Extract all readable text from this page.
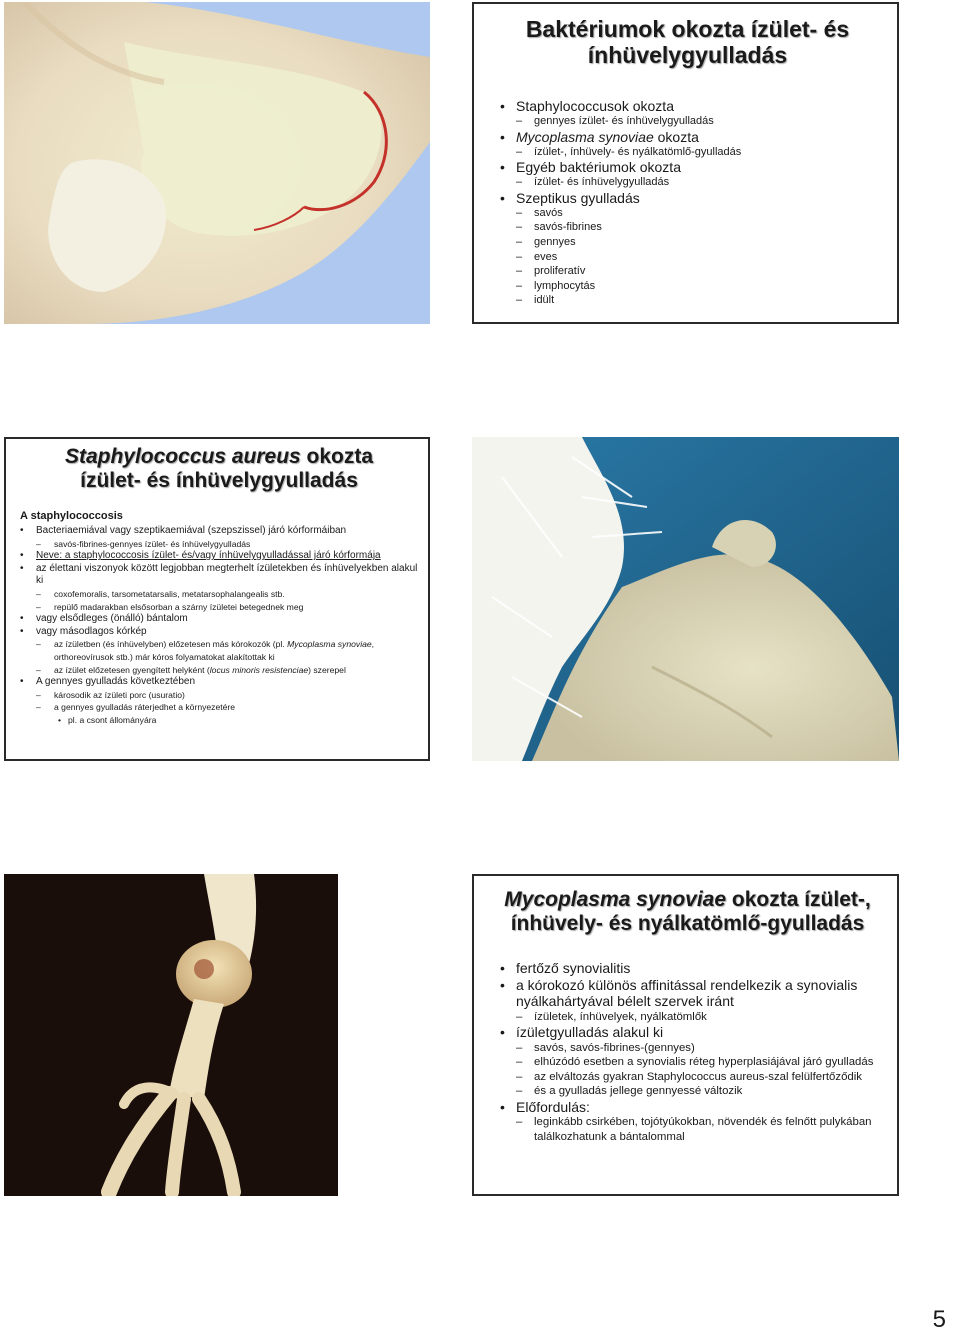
Baktériumok okozta ízület- és ínhüvelygyulladás
• Staphylococcusok okozta
– gennyes ízület- és ínhüvelygyulladás
• Mycoplasma synoviae okozta
– ízület-, ínhüvely- és nyálkatömlő-gyulladás
• Egyéb baktériumok okozta
– ízület- és ínhüvelygyulladás
• Szeptikus gyulladás
– savós
– savós-fibrines
– gennyes
– eves
– proliferatív
– lymphocytás
– idült
Staphylococcus aureus okozta
ízület- és ínhüvelygyulladás
A staphylococcosis
• Bacteriaemiával vagy szeptikaemiával (szepszissel) járó kórformáiban
– savós-fibrines-gennyes ízület- és ínhüvelygyulladás
• Neve: a staphylococcosis ízület- és/vagy ínhüvelygyulladással járó kórformája
• az élettani viszonyok között legjobban megterhelt ízületekben és ínhüvelyekben alakul ki
– coxofemoralis, tarsometatarsalis, metatarsophalangealis stb.
– repülő madarakban elsősorban a szárny ízületei betegednek meg
• vagy elsődleges (önálló) bántalom
• vagy másodlagos kórkép
– az ízületben (és ínhüvelyben) előzetesen más kórokozók (pl. Mycoplasma synoviae, orthoreovírusok stb.) már kóros folyamatokat alakítottak ki
– az ízület előzetesen gyengített helyként (locus minoris resistenciae) szerepel
• A gennyes gyulladás következtében
– károsodik az ízületi porc (usuratio)
– a gennyes gyulladás ráterjedhet a környezetére
• pl. a csont állományára
Mycoplasma synoviae okozta ízület-,
ínhüvely- és nyálkatömlő-gyulladás
• fertőző synovialitis
• a kórokozó különös affinitással rendelkezik a synovialis nyálkahártyával bélelt szervek iránt
– ízületek, ínhüvelyek, nyálkatömlők
• ízületgyulladás alakul ki
– savós, savós-fibrines-(gennyes)
– elhúzódó esetben a synovialis réteg hyperplasiájával járó gyulladás
– az elváltozás gyakran Staphylococcus aureus-szal felülfertőződik
– és a gyulladás jellege gennyessé változik
• Előfordulás:
– leginkább csirkében, tojótyúkokban, növendék és felnőtt pulykában találkozhatunk a bántalommal
5
